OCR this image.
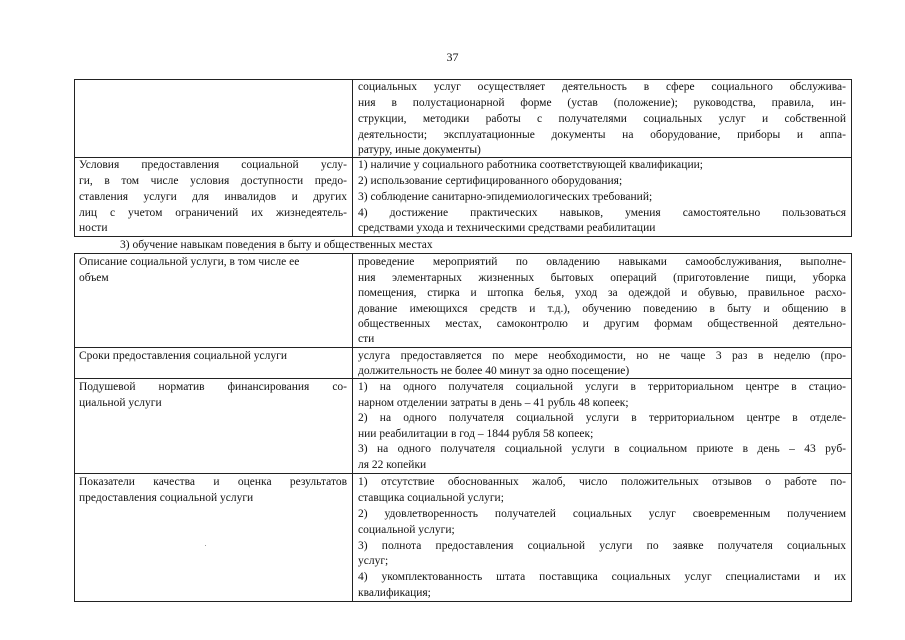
37
социальных услуг осуществляет деятельность в сфере социального обслужива-
ния в полустационарной форме (устав (положение); руководства, правила, ин-
струкции, методики работы с получателями социальных услуг и собственной
деятельности; эксплуатационные документы на оборудование, приборы и аппа-
ратуру, иные документы)
Условия предоставления социальной услу-
ги, в том числе условия доступности предо-
ставления услуги для инвалидов и других
лиц с учетом ограничений их жизнедеятель-
ности
1) наличие у социального работника соответствующей квалификации;
2) использование сертифицированного оборудования;
3) соблюдение санитарно-эпидемиологических требований;
4) достижение практических навыков, умения самостоятельно пользоваться
средствами ухода и техническими средствами реабилитации
3) обучение навыкам поведения в быту и общественных местах
Описание социальной услуги, в том числе ее
объем
проведение мероприятий по овладению навыками самообслуживания, выполне-
ния элементарных жизненных бытовых операций (приготовление пищи, уборка
помещения, стирка и штопка белья, уход за одеждой и обувью, правильное расхо-
дование имеющихся средств и т.д.), обучению поведению в быту и общению в
общественных местах, самоконтролю и другим формам общественной деятельно-
сти
Сроки предоставления социальной услуги	услуга предоставляется по мере необходимости, но не чаще 3 раз в неделю (про-
должительность не более 40 минут за одно посещение)
Подушевой норматив финансирования со-
циальной услуги
1) на одного получателя социальной услуги в территориальном центре в стацио-
нарном отделении затраты в день – 41 рубль 48 копеек;
2) на одного получателя социальной услуги в территориальном центре в отделе-
нии реабилитации в год – 1844 рубля 58 копеек;
3) на одного получателя социальной услуги в социальном приюте в день – 43 руб-
ля 22 копейки
Показатели качества и оценка результатов
предоставления социальной услуги
1) отсутствие обоснованных жалоб, число положительных отзывов о работе по-
ставщика социальной услуги;
2) удовлетворенность получателей социальных услуг своевременным получением
социальной услуги;
3) полнота предоставления социальной услуги по заявке получателя социальных
услуг;
4) укомплектованность штата поставщика социальных услуг специалистами и их
квалификация;
